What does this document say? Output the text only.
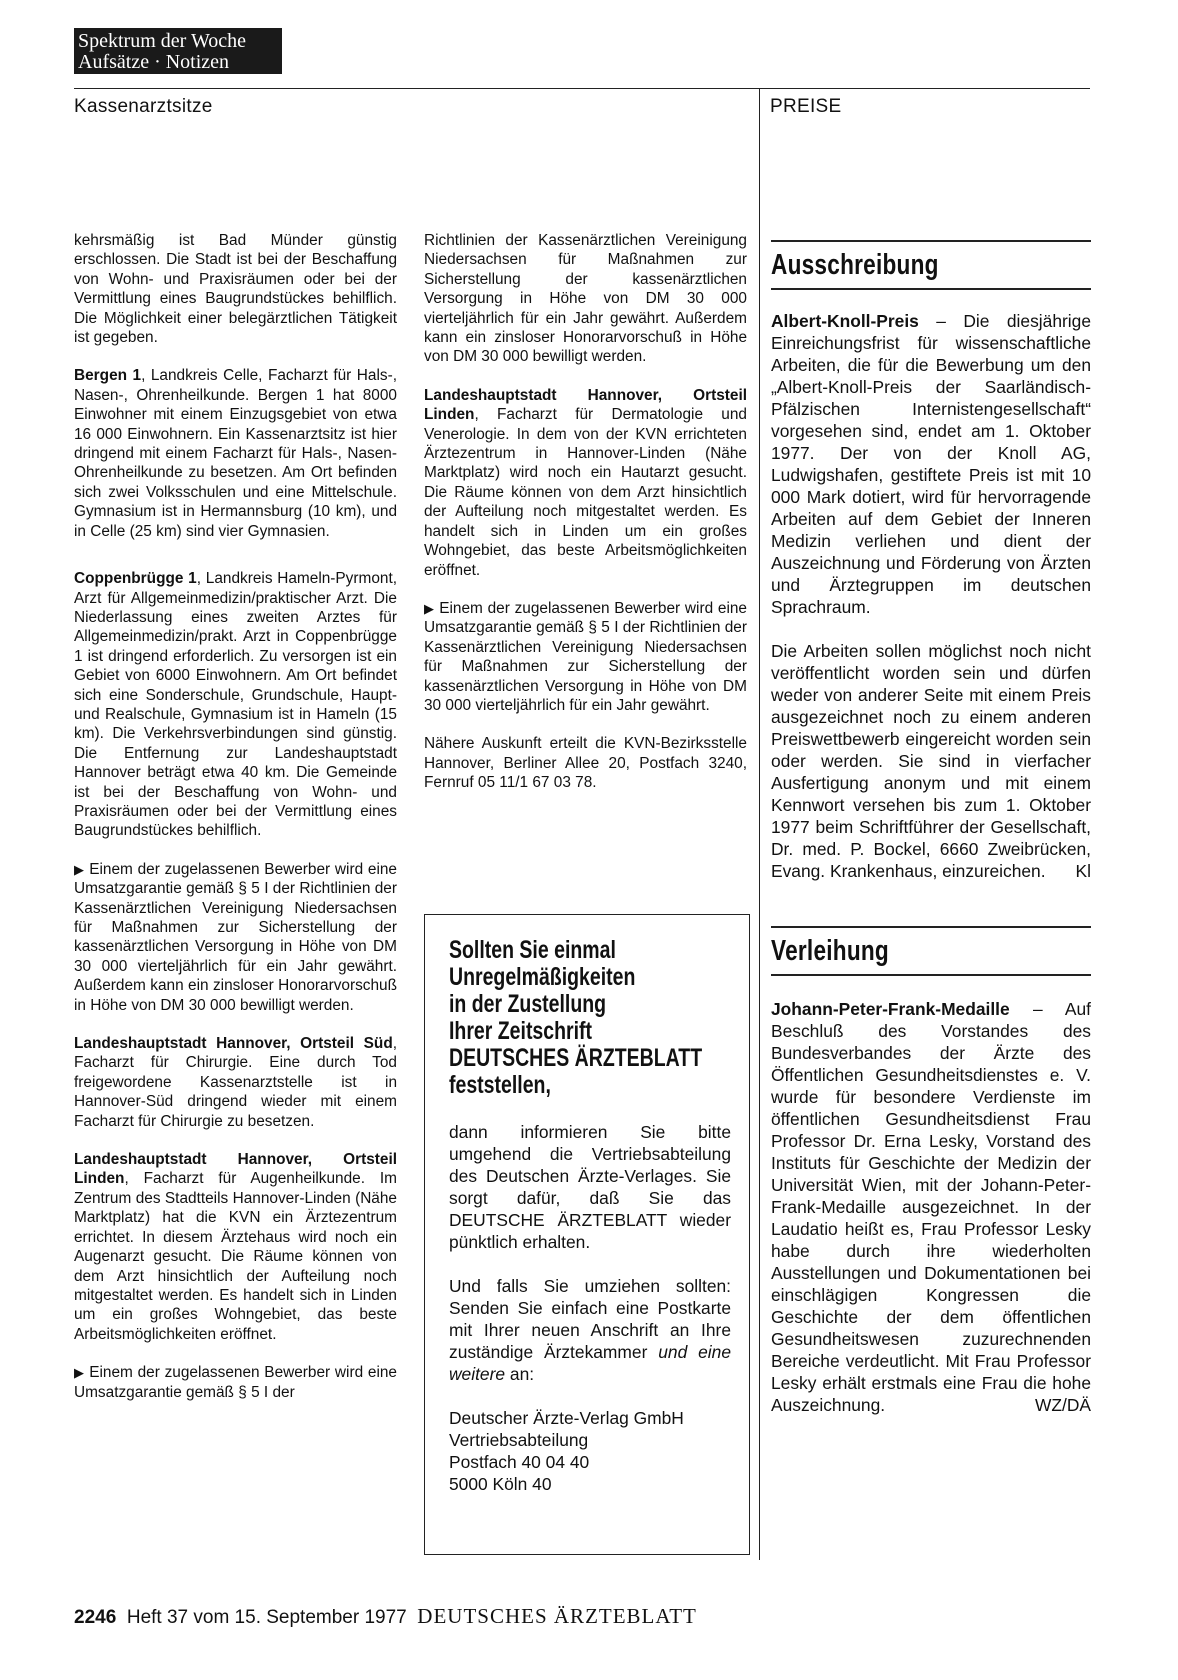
Spektrum der Woche
Aufsätze · Notizen
Kassenarztsitze	PREISE

kehrsmäßig ist Bad Münder günstig erschlossen. Die Stadt ist bei der Beschaffung von Wohn- und Praxisräumen oder bei der Vermittlung eines Baugrundstückes behilflich. Die Möglichkeit einer belegärztlichen Tätigkeit ist gegeben.

Bergen 1, Landkreis Celle, Facharzt für Hals-, Nasen-, Ohrenheilkunde. Bergen 1 hat 8000 Einwohner mit einem Einzugsgebiet von etwa 16 000 Einwohnern. Ein Kassenarztsitz ist hier dringend mit einem Facharzt für Hals-, Nasen- Ohrenheilkunde zu besetzen. Am Ort befinden sich zwei Volksschulen und eine Mittelschule. Gymnasium ist in Hermannsburg (10 km), und in Celle (25 km) sind vier Gymnasien.

Coppenbrügge 1, Landkreis Hameln-Pyrmont, Arzt für Allgemeinmedizin/praktischer Arzt. Die Niederlassung eines zweiten Arztes für Allgemeinmedizin/prakt. Arzt in Coppenbrügge 1 ist dringend erforderlich. Zu versorgen ist ein Gebiet von 6000 Einwohnern. Am Ort befindet sich eine Sonderschule, Grundschule, Haupt- und Realschule, Gymnasium ist in Hameln (15 km). Die Verkehrsverbindungen sind günstig. Die Entfernung zur Landeshauptstadt Hannover beträgt etwa 40 km. Die Gemeinde ist bei der Beschaffung von Wohn- und Praxisräumen oder bei der Vermittlung eines Baugrundstückes behilflich.

▶ Einem der zugelassenen Bewerber wird eine Umsatzgarantie gemäß § 5 I der Richtlinien der Kassenärztlichen Vereinigung Niedersachsen für Maßnahmen zur Sicherstellung der kassenärztlichen Versorgung in Höhe von DM 30 000 vierteljährlich für ein Jahr gewährt. Außerdem kann ein zinsloser Honorarvorschuß in Höhe von DM 30 000 bewilligt werden.

Landeshauptstadt Hannover, Ortsteil Süd, Facharzt für Chirurgie. Eine durch Tod freigewordene Kassenarztstelle ist in Hannover-Süd dringend wieder mit einem Facharzt für Chirurgie zu besetzen.

Landeshauptstadt Hannover, Ortsteil Linden, Facharzt für Augenheilkunde. Im Zentrum des Stadtteils Hannover-Linden (Nähe Marktplatz) hat die KVN ein Ärztezentrum errichtet. In diesem Ärztehaus wird noch ein Augenarzt gesucht. Die Räume können von dem Arzt hinsichtlich der Aufteilung noch mitgestaltet werden. Es handelt sich in Linden um ein großes Wohngebiet, das beste Arbeitsmöglichkeiten eröffnet.

▶ Einem der zugelassenen Bewerber wird eine Umsatzgarantie gemäß § 5 I der

Richtlinien der Kassenärztlichen Vereinigung Niedersachsen für Maßnahmen zur Sicherstellung der kassenärztlichen Versorgung in Höhe von DM 30 000 vierteljährlich für ein Jahr gewährt. Außerdem kann ein zinsloser Honorarvorschuß in Höhe von DM 30 000 bewilligt werden.

Landeshauptstadt Hannover, Ortsteil Linden, Facharzt für Dermatologie und Venerologie. In dem von der KVN errichteten Ärztezentrum in Hannover-Linden (Nähe Marktplatz) wird noch ein Hautarzt gesucht. Die Räume können von dem Arzt hinsichtlich der Aufteilung noch mitgestaltet werden. Es handelt sich in Linden um ein großes Wohngebiet, das beste Arbeitsmöglichkeiten eröffnet.

▶ Einem der zugelassenen Bewerber wird eine Umsatzgarantie gemäß § 5 I der Richtlinien der Kassenärztlichen Vereinigung Niedersachsen für Maßnahmen zur Sicherstellung der kassenärztlichen Versorgung in Höhe von DM 30 000 vierteljährlich für ein Jahr gewährt.

Nähere Auskunft erteilt die KVN-Bezirksstelle Hannover, Berliner Allee 20, Postfach 3240, Fernruf 05 11/1 67 03 78.

Sollten Sie einmal
Unregelmäßigkeiten
in der Zustellung
Ihrer Zeitschrift
DEUTSCHES ÄRZTEBLATT
feststellen,

dann informieren Sie bitte umgehend die Vertriebsabteilung des Deutschen Ärzte-Verlages. Sie sorgt dafür, daß Sie das DEUTSCHE ÄRZTEBLATT wieder pünktlich erhalten.

Und falls Sie umziehen sollten: Senden Sie einfach eine Postkarte mit Ihrer neuen Anschrift an Ihre zuständige Ärztekammer und eine weitere an:

Deutscher Ärzte-Verlag GmbH
Vertriebsabteilung
Postfach 40 04 40
5000 Köln 40
Ausschreibung

Albert-Knoll-Preis – Die diesjährige Einreichungsfrist für wissenschaftliche Arbeiten, die für die Bewerbung um den „Albert-Knoll-Preis der Saarländisch-Pfälzischen Internistengesellschaft“ vorgesehen sind, endet am 1. Oktober 1977. Der von der Knoll AG, Ludwigshafen, gestiftete Preis ist mit 10 000 Mark dotiert, wird für hervorragende Arbeiten auf dem Gebiet der Inneren Medizin verliehen und dient der Auszeichnung und Förderung von Ärzten und Ärztegruppen im deutschen Sprachraum.

Die Arbeiten sollen möglichst noch nicht veröffentlicht worden sein und dürfen weder von anderer Seite mit einem Preis ausgezeichnet noch zu einem anderen Preiswettbewerb eingereicht worden sein oder werden. Sie sind in vierfacher Ausfertigung anonym und mit einem Kennwort versehen bis zum 1. Oktober 1977 beim Schriftführer der Gesellschaft, Dr. med. P. Bockel, 6660 Zweibrücken, Evang. Krankenhaus, einzureichen. Kl

Verleihung

Johann-Peter-Frank-Medaille – Auf Beschluß des Vorstandes des Bundesverbandes der Ärzte des Öffentlichen Gesundheitsdienstes e. V. wurde für besondere Verdienste im öffentlichen Gesundheitsdienst Frau Professor Dr. Erna Lesky, Vorstand des Instituts für Geschichte der Medizin der Universität Wien, mit der Johann-Peter-Frank-Medaille ausgezeichnet. In der Laudatio heißt es, Frau Professor Lesky habe durch ihre wiederholten Ausstellungen und Dokumentationen bei einschlägigen Kongressen die Geschichte der dem öffentlichen Gesundheitswesen zuzurechnenden Bereiche verdeutlicht. Mit Frau Professor Lesky erhält erstmals eine Frau die hohe Auszeichnung.	WZ/DÄ

2246 Heft 37 vom 15. September 1977 DEUTSCHES ÄRZTEBLATT
